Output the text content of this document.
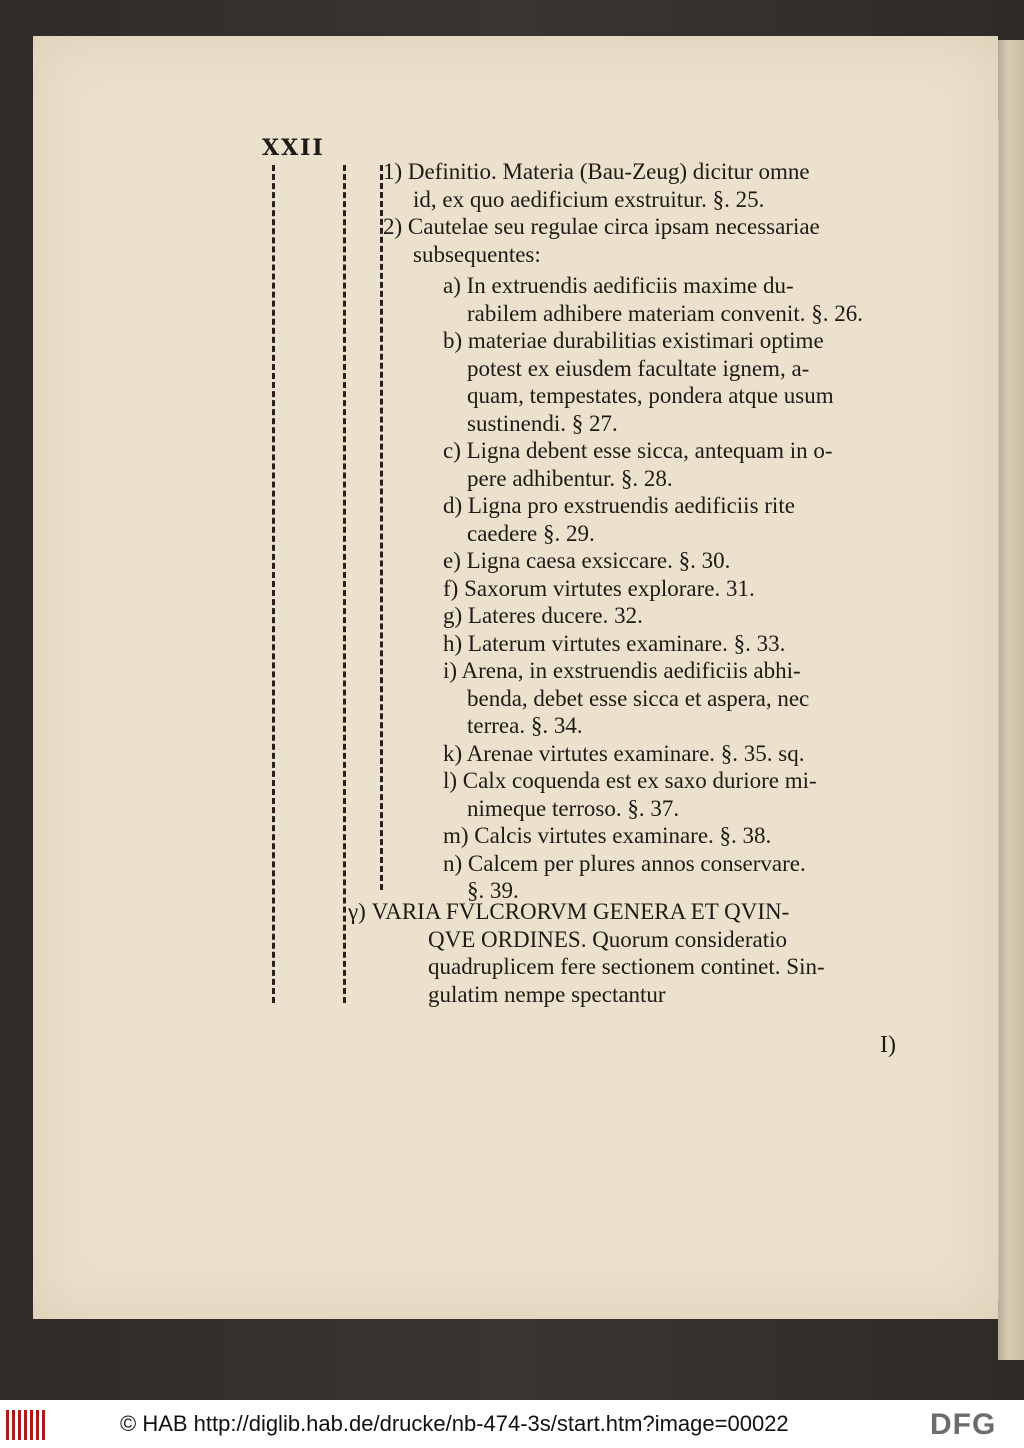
XXII
1) Definitio. Materia (Bau-Zeug) dicitur omne
id, ex quo aedificium exstruitur. §. 25.
2) Cautelae seu regulae circa ipsam necessariae
subsequentes:
a) In extruendis aedificiis maxime du-
rabilem adhibere materiam convenit. §. 26.
b) materiae durabilitias existimari optime
potest ex eiusdem facultate ignem, a-
quam, tempestates, pondera atque usum
sustinendi. § 27.
c) Ligna debent esse sicca, antequam in o-
pere adhibentur. §. 28.
d) Ligna pro exstruendis aedificiis rite
caedere §. 29.
e) Ligna caesa exsiccare. §. 30.
f) Saxorum virtutes explorare. 31.
g) Lateres ducere. 32.
h) Laterum virtutes examinare. §. 33.
i) Arena, in exstruendis aedificiis abhi-
benda, debet esse sicca et aspera, nec
terrea. §. 34.
k) Arenae virtutes examinare. §. 35. sq.
l) Calx coquenda est ex saxo duriore mi-
nimeque terroso. §. 37.
m) Calcis virtutes examinare. §. 38.
n) Calcem per plures annos conservare.
§. 39.
γ) VARIA FVLCRORVM GENERA ET QVIN-
QVE ORDINES. Quorum consideratio
quadruplicem fere sectionem continet. Sin-
gulatim nempe spectantur
I)
© HAB http://diglib.hab.de/drucke/nb-474-3s/start.htm?image=00022	DFG
